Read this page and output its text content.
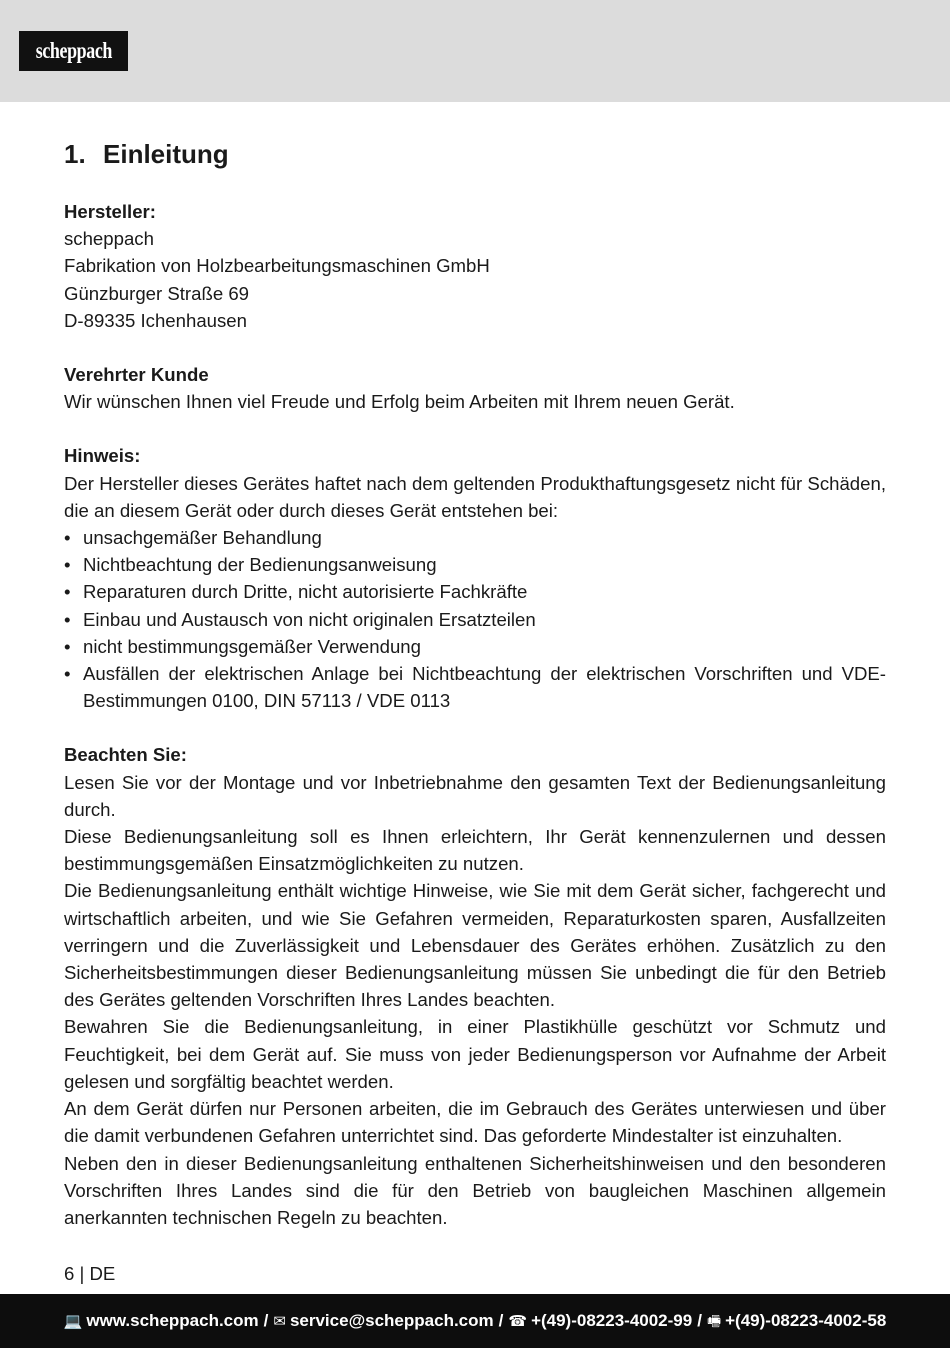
scheppach
1. Einleitung
Hersteller:
scheppach
Fabrikation von Holzbearbeitungsmaschinen GmbH
Günzburger Straße 69
D-89335 Ichenhausen
Verehrter Kunde

Wir wünschen Ihnen viel Freude und Erfolg beim Arbeiten mit Ihrem neuen Gerät.

Hinweis:

Der Hersteller dieses Gerätes haftet nach dem geltenden Produkthaftungsgesetz nicht für Schäden, die an diesem Gerät oder durch dieses Gerät entstehen bei:

• unsachgemäßer Behandlung
• Nichtbeachtung der Bedienungsanweisung
• Reparaturen durch Dritte, nicht autorisierte Fachkräfte
• Einbau und Austausch von nicht originalen Ersatzteilen
• nicht bestimmungsgemäßer Verwendung
• Ausfällen der elektrischen Anlage bei Nichtbeachtung der elektrischen Vorschriften und VDE-Bestimmungen 0100, DIN 57113 / VDE 0113
Beachten Sie:

Lesen Sie vor der Montage und vor Inbetriebnahme den gesamten Text der Bedienungsanleitung durch.

Diese Bedienungsanleitung soll es Ihnen erleichtern, Ihr Gerät kennenzulernen und dessen bestimmungsgemäßen Einsatzmöglichkeiten zu nutzen.

Die Bedienungsanleitung enthält wichtige Hinweise, wie Sie mit dem Gerät sicher, fachgerecht und wirtschaftlich arbeiten, und wie Sie Gefahren vermeiden, Reparaturkosten sparen, Ausfallzeiten verringern und die Zuverlässigkeit und Lebensdauer des Gerätes erhöhen. Zusätzlich zu den Sicherheitsbestimmungen dieser Bedienungsanleitung müssen Sie unbedingt die für den Betrieb des Gerätes geltenden Vorschriften Ihres Landes beachten.

Bewahren Sie die Bedienungsanleitung, in einer Plastikhülle geschützt vor Schmutz und Feuchtigkeit, bei dem Gerät auf. Sie muss von jeder Bedienungsperson vor Aufnahme der Arbeit gelesen und sorgfältig beachtet werden.

An dem Gerät dürfen nur Personen arbeiten, die im Gebrauch des Gerätes unterwiesen und über die damit verbundenen Gefahren unterrichtet sind. Das geforderte Mindestalter ist einzuhalten.

Neben den in dieser Bedienungsanleitung enthaltenen Sicherheitshinweisen und den besonderen Vorschriften Ihres Landes sind die für den Betrieb von baugleichen Maschinen allgemein anerkannten technischen Regeln zu beachten.

6 | DE
💻 www.scheppach.com / ✉ service@scheppach.com / ☎ +(49)-08223-4002-99 / 🖷 +(49)-08223-4002-58
